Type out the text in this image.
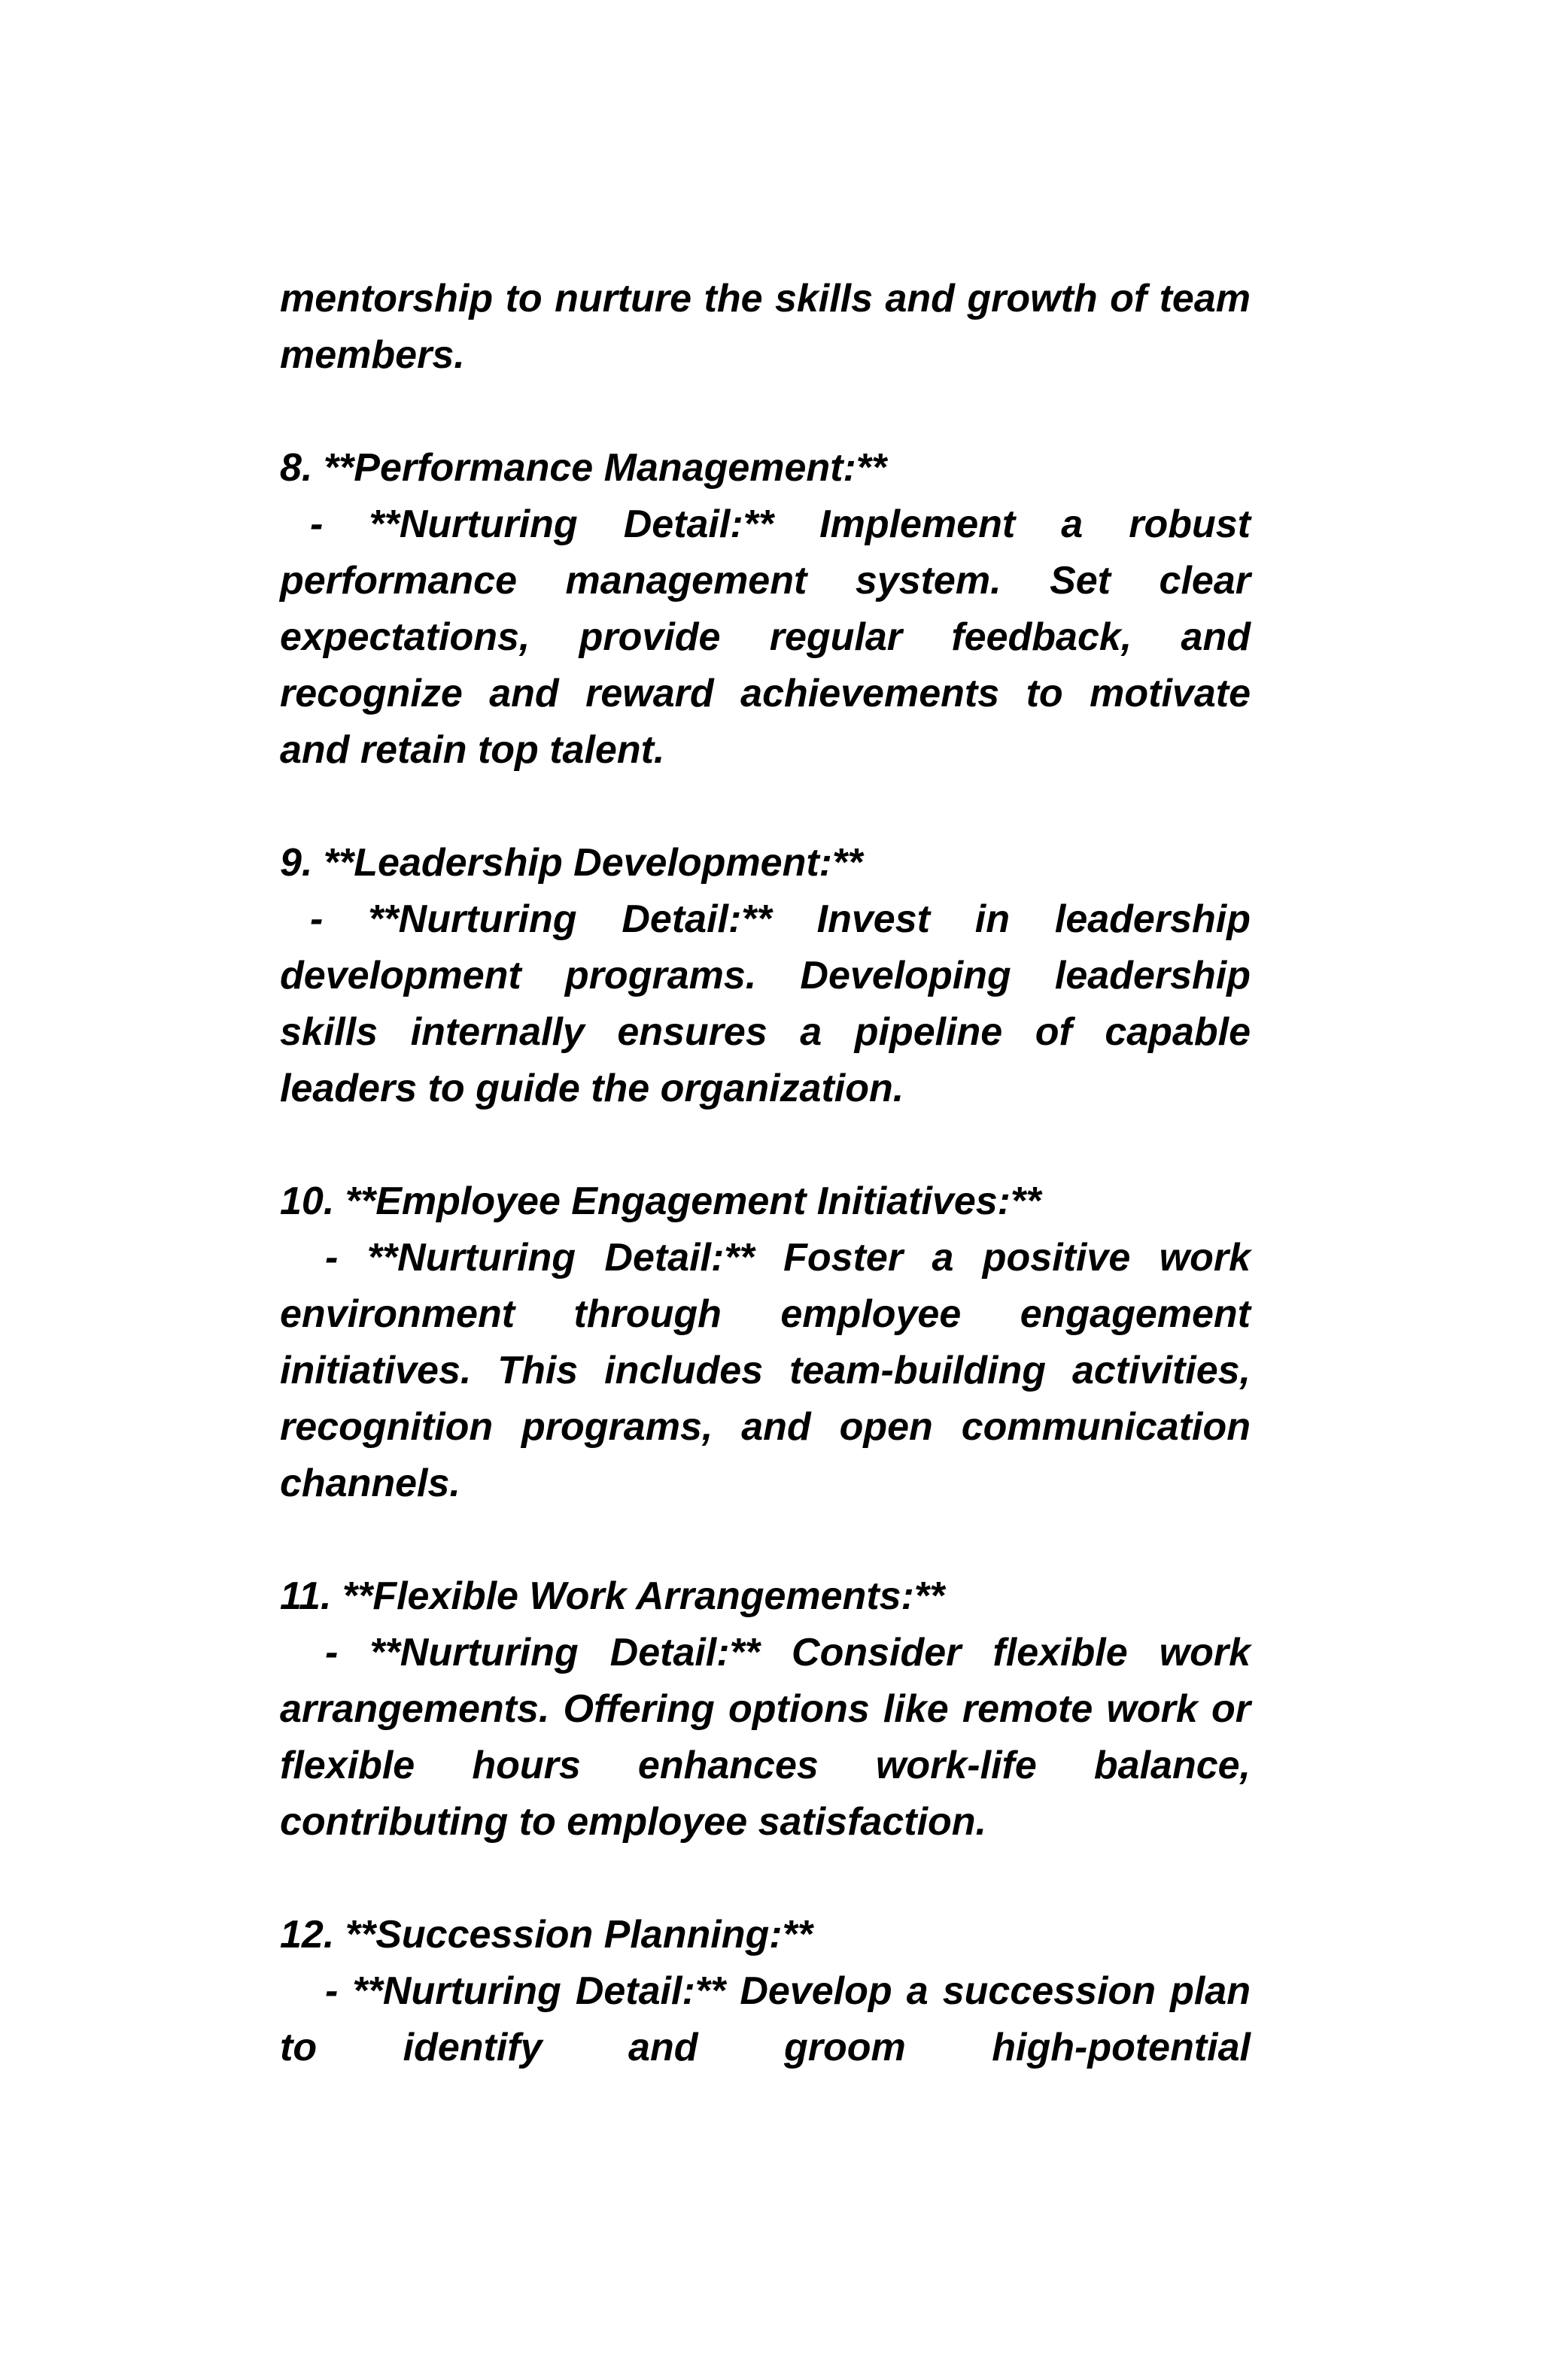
mentorship to nurture the skills and growth of team members.

8. **Performance Management:**

- **Nurturing Detail:** Implement a robust performance management system. Set clear expectations, provide regular feedback, and recognize and reward achievements to motivate and retain top talent.

9. **Leadership Development:**

- **Nurturing Detail:** Invest in leadership development programs. Developing leadership skills internally ensures a pipeline of capable leaders to guide the organization.

10. **Employee Engagement Initiatives:**

- **Nurturing Detail:** Foster a positive work environment through employee engagement initiatives. This includes team-building activities, recognition programs, and open communication channels.

11. **Flexible Work Arrangements:**

- **Nurturing Detail:** Consider flexible work arrangements. Offering options like remote work or flexible hours enhances work-life balance, contributing to employee satisfaction.

12. **Succession Planning:**

- **Nurturing Detail:** Develop a succession plan to identify and groom high-potential
